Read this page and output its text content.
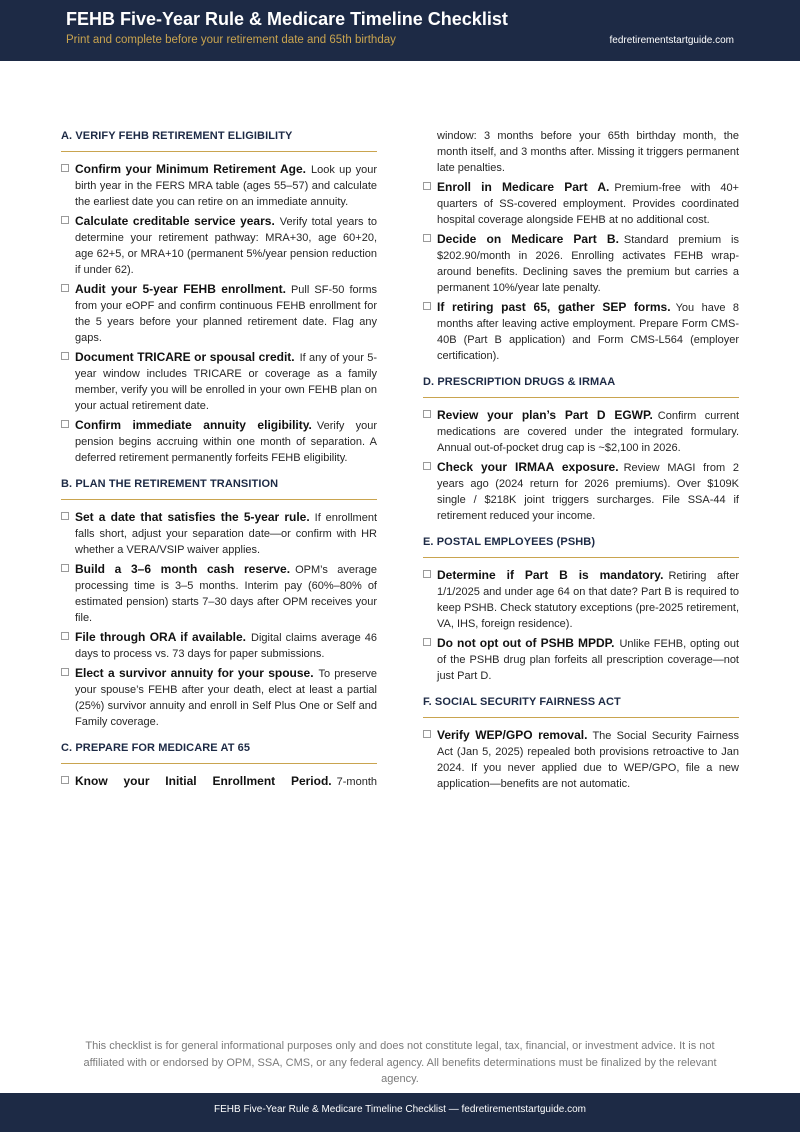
FEHB Five-Year Rule & Medicare Timeline Checklist
Print and complete before your retirement date and 65th birthday	fedretirementstartguide.com
A. VERIFY FEHB RETIREMENT ELIGIBILITY
Confirm your Minimum Retirement Age. Look up your birth year in the FERS MRA table (ages 55–57) and calculate the earliest date you can retire on an immediate annuity.
Calculate creditable service years. Verify total years to determine your retirement pathway: MRA+30, age 60+20, age 62+5, or MRA+10 (permanent 5%/year pension reduction if under 62).
Audit your 5-year FEHB enrollment. Pull SF-50 forms from your eOPF and confirm continuous FEHB enrollment for the 5 years before your planned retirement date. Flag any gaps.
Document TRICARE or spousal credit. If any of your 5-year window includes TRICARE or coverage as a family member, verify you will be enrolled in your own FEHB plan on your actual retirement date.
Confirm immediate annuity eligibility. Verify your pension begins accruing within one month of separation. A deferred retirement permanently forfeits FEHB eligibility.
B. PLAN THE RETIREMENT TRANSITION
Set a date that satisfies the 5-year rule. If enrollment falls short, adjust your separation date—or confirm with HR whether a VERA/VSIP waiver applies.
Build a 3–6 month cash reserve. OPM’s average processing time is 3–5 months. Interim pay (60%–80% of estimated pension) starts 7–30 days after OPM receives your file.
File through ORA if available. Digital claims average 46 days to process vs. 73 days for paper submissions.
Elect a survivor annuity for your spouse. To preserve your spouse’s FEHB after your death, elect at least a partial (25%) survivor annuity and enroll in Self Plus One or Self and Family coverage.
C. PREPARE FOR MEDICARE AT 65
Know your Initial Enrollment Period. 7-month
window: 3 months before your 65th birthday month, the month itself, and 3 months after. Missing it triggers permanent late penalties.
Enroll in Medicare Part A. Premium-free with 40+ quarters of SS-covered employment. Provides coordinated hospital coverage alongside FEHB at no additional cost.
Decide on Medicare Part B. Standard premium is $202.90/month in 2026. Enrolling activates FEHB wrap-around benefits. Declining saves the premium but carries a permanent 10%/year late penalty.
If retiring past 65, gather SEP forms. You have 8 months after leaving active employment. Prepare Form CMS-40B (Part B application) and Form CMS-L564 (employer certification).
D. PRESCRIPTION DRUGS & IRMAA
Review your plan’s Part D EGWP. Confirm current medications are covered under the integrated formulary. Annual out-of-pocket drug cap is ~$2,100 in 2026.
Check your IRMAA exposure. Review MAGI from 2 years ago (2024 return for 2026 premiums). Over $109K single / $218K joint triggers surcharges. File SSA-44 if retirement reduced your income.
E. POSTAL EMPLOYEES (PSHB)
Determine if Part B is mandatory. Retiring after 1/1/2025 and under age 64 on that date? Part B is required to keep PSHB. Check statutory exceptions (pre-2025 retirement, VA, IHS, foreign residence).
Do not opt out of PSHB MPDP. Unlike FEHB, opting out of the PSHB drug plan forfeits all prescription coverage—not just Part D.
F. SOCIAL SECURITY FAIRNESS ACT
Verify WEP/GPO removal. The Social Security Fairness Act (Jan 5, 2025) repealed both provisions retroactive to Jan 2024. If you never applied due to WEP/GPO, file a new application—benefits are not automatic.
This checklist is for general informational purposes only and does not constitute legal, tax, financial, or investment advice. It is not affiliated with or endorsed by OPM, SSA, CMS, or any federal agency. All benefits determinations must be finalized by the relevant agency.
FEHB Five-Year Rule & Medicare Timeline Checklist — fedretirementstartguide.com
